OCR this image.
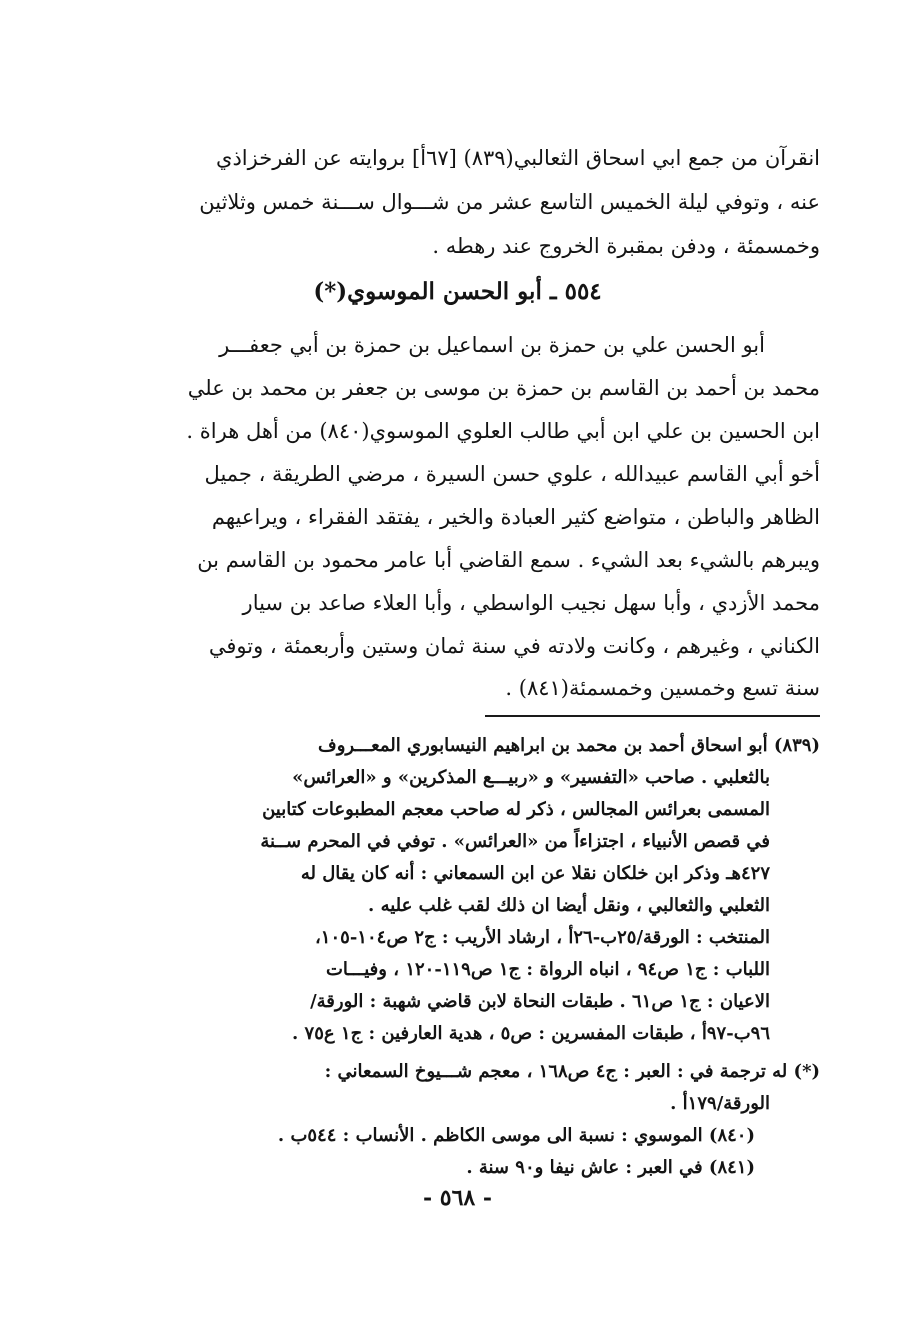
انقرآن من جمع ابي اسحاق الثعالبي(٨٣٩) [٦٧أ] بروايته عن الفرخزاذي
عنه ، وتوفي ليلة الخميس التاسع عشر من شـــوال ســـنة خمس وثلاثين
وخمسمئة ، ودفن بمقبرة الخروج عند رهطه .
٥٥٤ ـ أبو الحسن الموسوي(*)
أبو الحسن علي بن حمزة بن اسماعيل بن حمزة بن أبي جعفـــر
محمد بن أحمد بن القاسم بن حمزة بن موسى بن جعفر بن محمد بن علي
ابن الحسين بن علي ابن أبي طالب العلوي الموسوي(٨٤٠) من أهل هراة .
أخو أبي القاسم عبيدالله ، علوي حسن السيرة ، مرضي الطريقة ، جميل
الظاهر والباطن ، متواضع كثير العبادة والخير ، يفتقد الفقراء ، ويراعيهم
ويبرهم بالشيء بعد الشيء . سمع القاضي أبا عامر محمود بن القاسم بن
محمد الأزدي ، وأبا سهل نجيب الواسطي ، وأبا العلاء صاعد بن سيار
الكناني ، وغيرهم ، وكانت ولادته في سنة ثمان وستين وأربعمئة ، وتوفي
سنة تسع وخمسين وخمسمئة(٨٤١) .
(٨٣٩) أبو اسحاق أحمد بن محمد بن ابراهيم النيسابوري المعـــروف
بالثعلبي . صاحب «التفسير» و «ربيـــع المذكرين» و «العرائس»
المسمى بعرائس المجالس ، ذكر له صاحب معجم المطبوعات كتابين
في قصص الأنبياء ، اجتزاءاً من «العرائس» . توفي في المحرم ســنة
٤٢٧هـ وذكر ابن خلكان نقلا عن ابن السمعاني : أنه كان يقال له
الثعلبي والثعالبي ، ونقل أيضا ان ذلك لقب غلب عليه .
المنتخب : الورقة/٢٥ب-٢٦أ ، ارشاد الأريب : ج٢ ص١٠٤-١٠٥،
اللباب : ج١ ص٩٤ ، انباه الرواة : ج١ ص١١٩-١٢٠ ، وفيـــات
الاعيان : ج١ ص٦١ . طبقات النحاة لابن قاضي شهبة : الورقة/
٩٦ب-٩٧أ ، طبقات المفسرين : ص٥ ، هدية العارفين : ج١ ع٧٥ .
(*) له ترجمة في : العبر : ج٤ ص١٦٨ ، معجم شـــيوخ السمعاني :
الورقة/١٧٩أ .
(٨٤٠) الموسوي : نسبة الى موسى الكاظم . الأنساب : ٥٤٤ب .
(٨٤١) في العبر : عاش نيفا و٩٠ سنة .
- ٥٦٨ -
